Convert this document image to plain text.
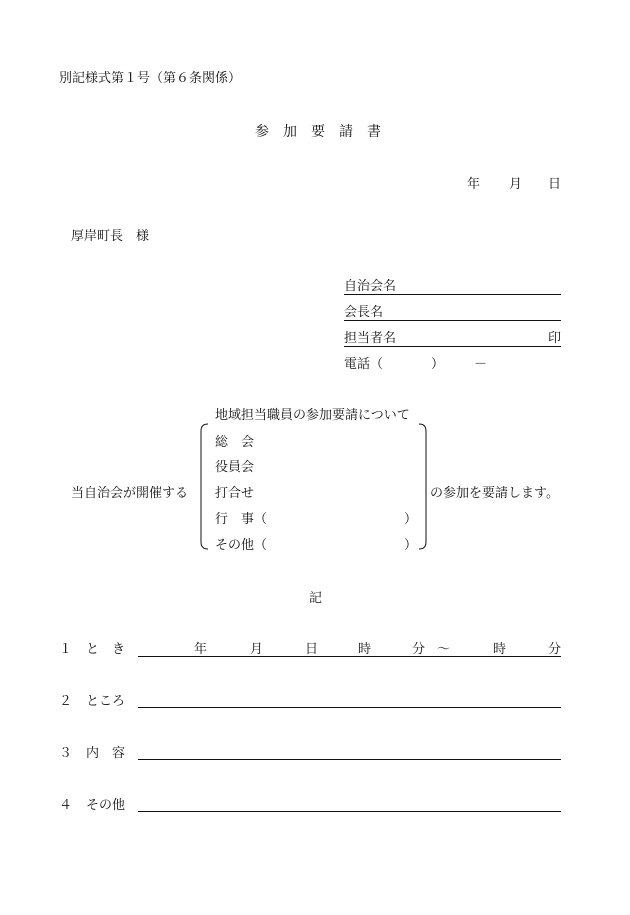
別記様式第１号（第６条関係）
参　加　要　請　書
年 月 日
厚岸町長　様
自治会名
会長名
担当者名	印
電話（	） －
地域担当職員の参加要請について
当自治会が開催する	の参加を要請します。
総　会
役員会
打合せ
行　事（	）
その他（	）
記
１ と　き	年	月	日	時	分 ～	時	分
２ ところ
３ 内　容
４ その他
